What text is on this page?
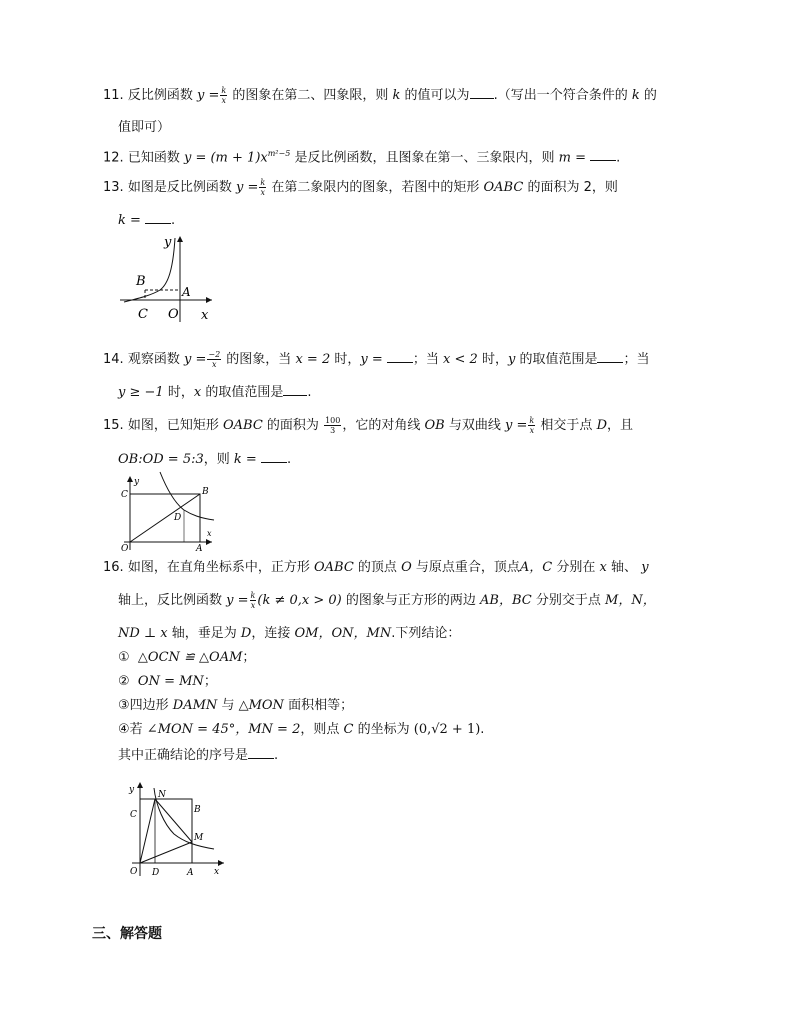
11. 反比例函数 $y = \frac{k}{x}$ 的图象在第二、四象限，则 k 的值可以为 .（写出一个符合条件的 k 的
值即可）
12. 已知函数 $y = (m + 1)x^{m^2-5}$ 是反比例函数，且图象在第一、三象限内，则 m = .
13. 如图是反比例函数 $y = \frac{k}{x}$ 在第二象限内的图象，若图中的矩形 OABC 的面积为 2，则
k = .
y
B
A
C O x
14. 观察函数 $y = \frac{-2}{x}$ 的图象，当 x = 2 时，y = ；当 x < 2 时，y 的取值范围是 ；当
y ≥ −1 时，x 的取值范围是 .
15. 如图，已知矩形 OABC 的面积为 $\frac{100}{3}$ ，它的对角线 OB 与双曲线 $y = \frac{k}{x}$ 相交于点 D，且
OB:OD = 5:3，则 k = .
C
y
B
D
O	A
x
16. 如图，在直角坐标系中，正方形 OABC 的顶点 O 与原点重合，顶点A，C 分别在 x 轴、 y
轴上，反比例函数 $y = \frac{k}{x} (k \ne 0,x > 0)$ 的图象与正方形的两边 AB，BC 分别交于点 M，N，
ND ⊥ x 轴，垂足为 D，连接 OM，ON，MN.下列结论：
① △OCN ≌ △OAM；
② ON = MN；
③四边形 DAMN 与 △MON 面积相等；
④若 ∠MON = 45°，MN = 2，则点 C 的坐标为 (0,√2 + 1).
其中正确结论的序号是 .
y	N
B
C
M
O D	A x
三、解答题
